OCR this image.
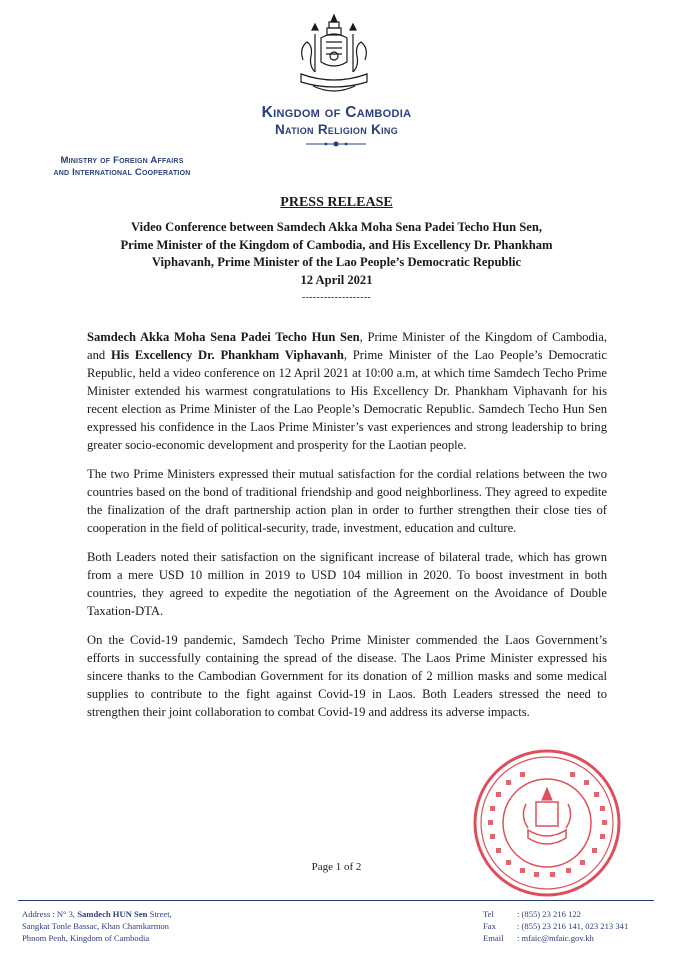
Kingdom of Cambodia
Nation Religion King
Ministry of Foreign Affairs
and International Cooperation
PRESS RELEASE
Video Conference between Samdech Akka Moha Sena Padei Techo Hun Sen,
Prime Minister of the Kingdom of Cambodia, and His Excellency Dr. Phankham
Viphavanh, Prime Minister of the Lao People’s Democratic Republic
12 April 2021
-------------------

Samdech Akka Moha Sena Padei Techo Hun Sen, Prime Minister of the Kingdom of Cambodia, and His Excellency Dr. Phankham Viphavanh, Prime Minister of the Lao People’s Democratic Republic, held a video conference on 12 April 2021 at 10:00 a.m, at which time Samdech Techo Prime Minister extended his warmest congratulations to His Excellency Dr. Phankham Viphavanh for his recent election as Prime Minister of the Lao People’s Democratic Republic. Samdech Techo Hun Sen expressed his confidence in the Laos Prime Minister’s vast experiences and strong leadership to bring greater socio-economic development and prosperity for the Laotian people.

The two Prime Ministers expressed their mutual satisfaction for the cordial relations between the two countries based on the bond of traditional friendship and good neighborliness. They agreed to expedite the finalization of the draft partnership action plan in order to further strengthen their close ties of cooperation in the field of political-security, trade, investment, education and culture.

Both Leaders noted their satisfaction on the significant increase of bilateral trade, which has grown from a mere USD 10 million in 2019 to USD 104 million in 2020. To boost investment in both countries, they agreed to expedite the negotiation of the Agreement on the Avoidance of Double Taxation-DTA.

On the Covid-19 pandemic, Samdech Techo Prime Minister commended the Laos Government’s efforts in successfully containing the spread of the disease. The Laos Prime Minister expressed his sincere thanks to the Cambodian Government for its donation of 2 million masks and some medical supplies to contribute to the fight against Covid-19 in Laos. Both Leaders stressed the need to strengthen their joint collaboration to combat Covid-19 and address its adverse impacts.

Page 1 of 2
Address : N° 3, Samdech HUN Sen Street,
Sangkat Tonle Bassac, Khan Chamkarmon
Phnom Penh, Kingdom of Cambodia
Tel	: (855) 23 216 122
Fax	: (855) 23 216 141, 023 213 341
Email	: mfaic@mfaic.gov.kh
